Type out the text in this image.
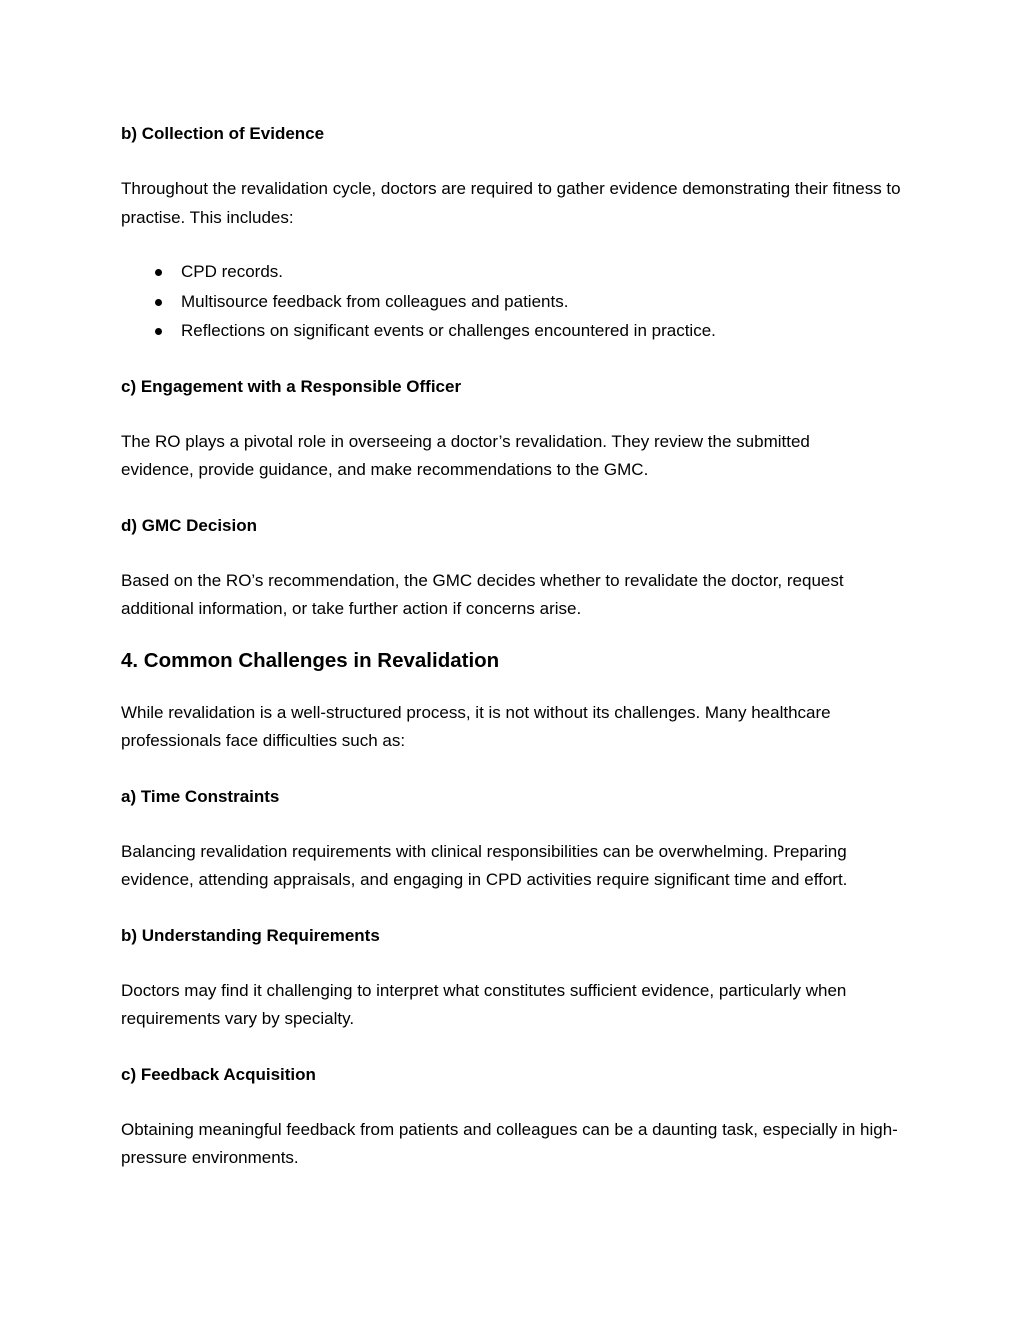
b) Collection of Evidence

Throughout the revalidation cycle, doctors are required to gather evidence demonstrating their fitness to practise. This includes:

CPD records.
Multisource feedback from colleagues and patients.
Reflections on significant events or challenges encountered in practice.

c) Engagement with a Responsible Officer

The RO plays a pivotal role in overseeing a doctor’s revalidation. They review the submitted evidence, provide guidance, and make recommendations to the GMC.

d) GMC Decision

Based on the RO’s recommendation, the GMC decides whether to revalidate the doctor, request additional information, or take further action if concerns arise.

4. Common Challenges in Revalidation

While revalidation is a well-structured process, it is not without its challenges. Many healthcare professionals face difficulties such as:

a) Time Constraints

Balancing revalidation requirements with clinical responsibilities can be overwhelming. Preparing evidence, attending appraisals, and engaging in CPD activities require significant time and effort.

b) Understanding Requirements

Doctors may find it challenging to interpret what constitutes sufficient evidence, particularly when requirements vary by specialty.

c) Feedback Acquisition

Obtaining meaningful feedback from patients and colleagues can be a daunting task, especially in high-pressure environments.
